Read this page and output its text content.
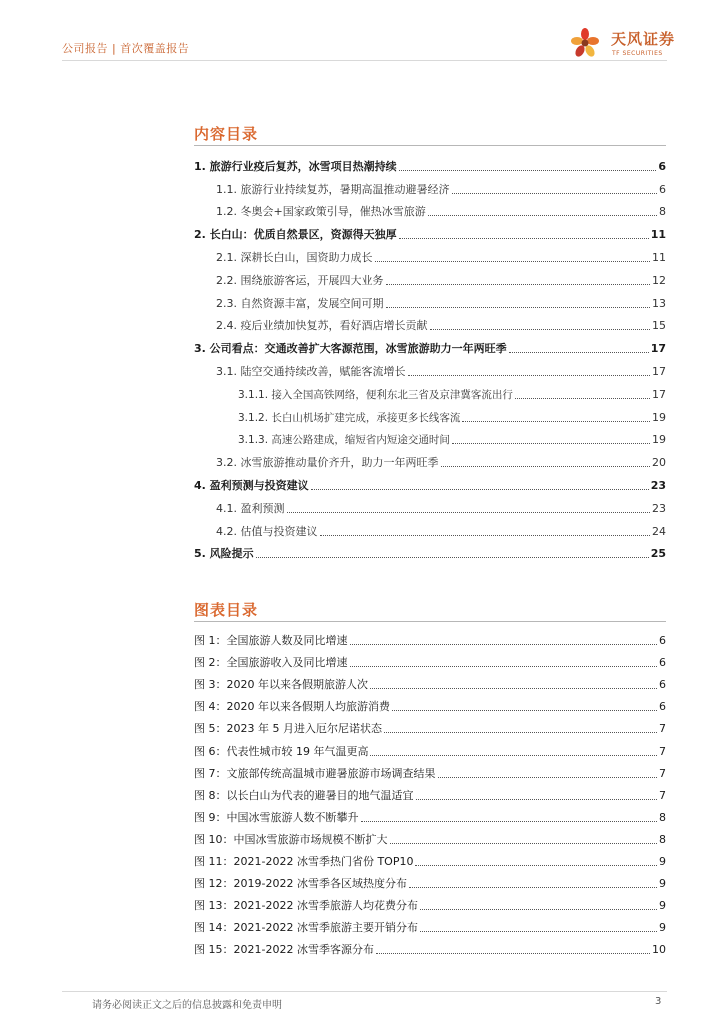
公司报告 | 首次覆盖报告
天风证券
TF SECURITIES
内容目录
1. 旅游行业疫后复苏，冰雪项目热潮持续	6
1.1. 旅游行业持续复苏，暑期高温推动避暑经济	6
1.2. 冬奥会+国家政策引导，催热冰雪旅游	8
2. 长白山：优质自然景区，资源得天独厚	11
2.1. 深耕长白山，国资助力成长	11
2.2. 围绕旅游客运，开展四大业务	12
2.3. 自然资源丰富，发展空间可期	13
2.4. 疫后业绩加快复苏，看好酒店增长贡献	15
3. 公司看点：交通改善扩大客源范围，冰雪旅游助力一年两旺季	17
3.1. 陆空交通持续改善，赋能客流增长	17
3.1.1. 接入全国高铁网络，便利东北三省及京津冀客流出行	17
3.1.2. 长白山机场扩建完成，承接更多长线客流	19
3.1.3. 高速公路建成，缩短省内短途交通时间	19
3.2. 冰雪旅游推动量价齐升，助力一年两旺季	20
4. 盈利预测与投资建议	23
4.1. 盈利预测	23
4.2. 估值与投资建议	24
5. 风险提示	25
图表目录
图 1：全国旅游人数及同比增速	6
图 2：全国旅游收入及同比增速	6
图 3：2020 年以来各假期旅游人次	6
图 4：2020 年以来各假期人均旅游消费	6
图 5：2023 年 5 月进入厄尔尼诺状态	7
图 6：代表性城市较 19 年气温更高	7
图 7：文旅部传统高温城市避暑旅游市场调查结果	7
图 8：以长白山为代表的避暑目的地气温适宜	7
图 9：中国冰雪旅游人数不断攀升	8
图 10：中国冰雪旅游市场规模不断扩大	8
图 11：2021-2022 冰雪季热门省份 TOP10	9
图 12：2019-2022 冰雪季各区域热度分布	9
图 13：2021-2022 冰雪季旅游人均花费分布	9
图 14：2021-2022 冰雪季旅游主要开销分布	9
图 15：2021-2022 冰雪季客源分布	10
请务必阅读正文之后的信息披露和免责申明	3
